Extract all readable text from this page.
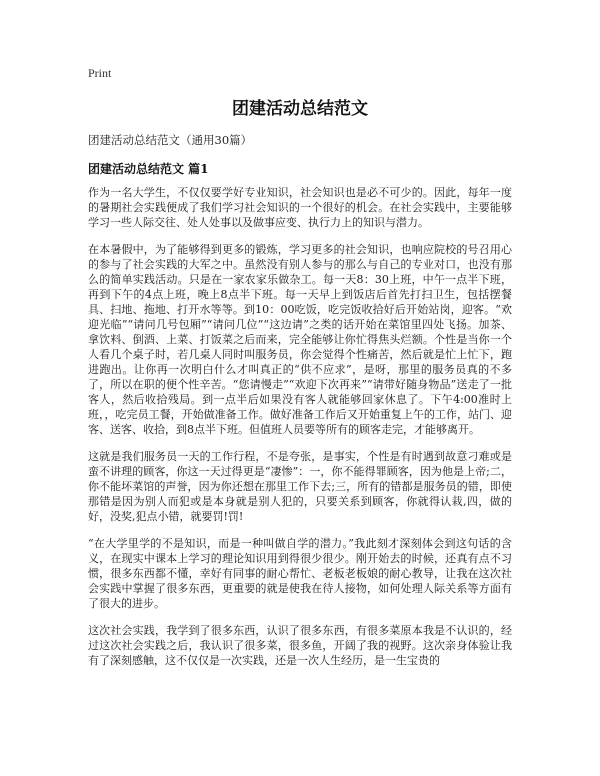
Print
团建活动总结范文
团建活动总结范文（通用30篇）
团建活动总结范文 篇1

作为一名大学生，不仅仅要学好专业知识，社会知识也是必不可少的。因此，每年一度的暑期社会实践便成了我们学习社会知识的一个很好的机会。在社会实践中，主要能够学习一些人际交往、处人处事以及做事应变、执行力上的知识与潜力。

在本暑假中，为了能够得到更多的锻炼，学习更多的社会知识，也响应院校的号召用心的参与了社会实践的大军之中。虽然没有别人参与的那么与自己的专业对口，也没有那么的简单实践活动。只是在一家农家乐做杂工。每一天8：30上班，中午一点半下班，再到下午的4点上班，晚上8点半下班。每一天早上到饭店后首先打扫卫生，包括摆餐具、扫地、拖地、打开水等等。到10：00吃饭，吃完饭收拾好后开始站岗，迎客。“欢迎光临”“请问几号包厢”“请问几位”“这边请”之类的话开始在菜馆里四处飞扬。加茶、拿饮料、倒酒、上菜、打饭菜之后而来，完全能够让你忙得焦头烂额。个性是当你一个人看几个桌子时，若几桌人同时叫服务员，你会觉得个性痛苦，然后就是忙上忙下，跑进跑出。让你再一次明白什么才叫真正的“供不应求”，是呀，那里的服务员真的不多了，所以在职的便个性辛苦。“您请慢走”“欢迎下次再来”“请带好随身物品”送走了一批客人，然后收拾残局。到一点半后如果没有客人就能够回家休息了。下午4:00准时上班，，吃完员工餐，开始做准备工作。做好准备工作后又开始重复上午的工作，站门、迎客、送客、收拾，到8点半下班。但值班人员要等所有的顾客走完，才能够离开。

这就是我们服务员一天的工作行程，不是夸张，是事实，个性是有时遇到故意刁难或是蛮不讲理的顾客，你这一天过得更是“凄惨”：一，你不能得罪顾客，因为他是上帝;二，你不能坏菜馆的声誉，因为你还想在那里工作下去;三，所有的错都是服务员的错，即使那错是因为别人而犯或是本身就是别人犯的，只要关系到顾客，你就得认栽,四，做的好，没奖,犯点小错，就要罚!罚!

“在大学里学的不是知识，而是一种叫做自学的潜力。”我此刻才深刻体会到这句话的含义，在现实中课本上学习的理论知识用到得很少很少。刚开始去的时候，还真有点不习惯，很多东西都不懂，幸好有同事的耐心帮忙、老板老板娘的耐心教导，让我在这次社会实践中掌握了很多东西，更重要的就是使我在待人接物，如何处理人际关系等方面有了很大的进步。

这次社会实践，我学到了很多东西，认识了很多东西，有很多菜原本我是不认识的，经过这次社会实践之后，我认识了很多菜，很多鱼，开阔了我的视野。这次亲身体验让我有了深刻感触，这不仅仅是一次实践，还是一次人生经历，是一生宝贵的
